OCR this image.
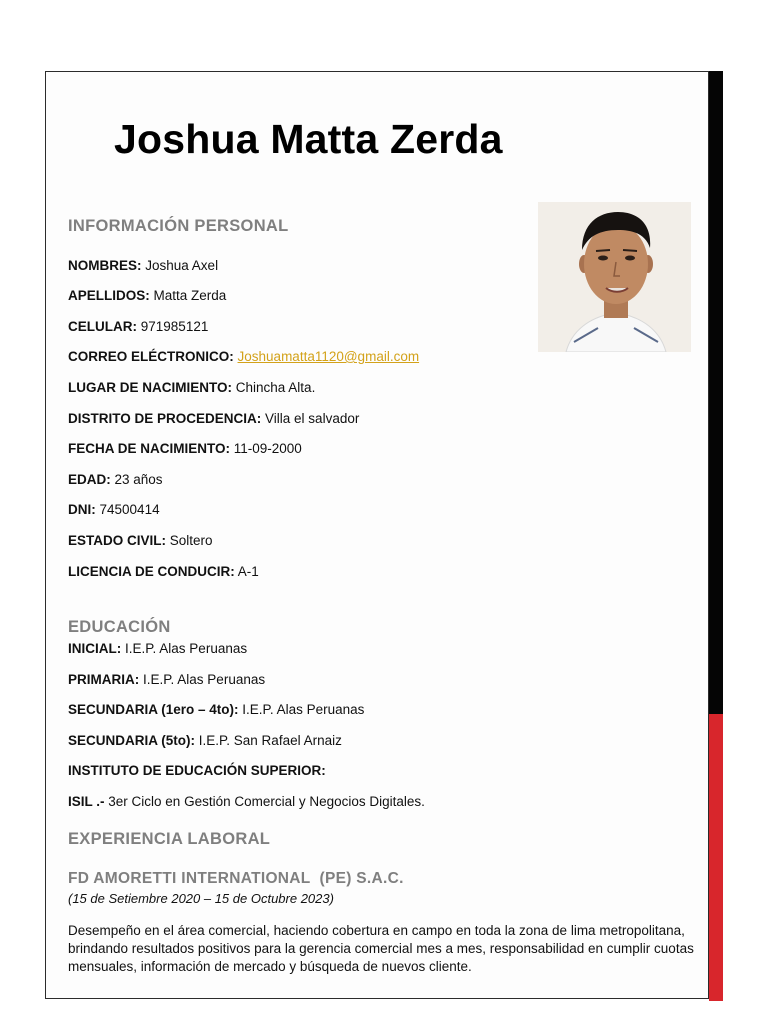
Joshua Matta Zerda
INFORMACIÓN PERSONAL
NOMBRES: Joshua Axel
APELLIDOS: Matta Zerda
CELULAR: 971985121
CORREO ELÉCTRONICO: Joshuamatta1120@gmail.com
LUGAR DE NACIMIENTO: Chincha Alta.
DISTRITO DE PROCEDENCIA: Villa el salvador
FECHA DE NACIMIENTO: 11-09-2000
EDAD: 23 años
DNI: 74500414
ESTADO CIVIL: Soltero
LICENCIA DE CONDUCIR: A-1
EDUCACIÓN
INICIAL: I.E.P. Alas Peruanas
PRIMARIA: I.E.P. Alas Peruanas
SECUNDARIA (1ero – 4to): I.E.P. Alas Peruanas
SECUNDARIA (5to): I.E.P. San Rafael Arnaiz
INSTITUTO DE EDUCACIÓN SUPERIOR:
ISIL .- 3er Ciclo en Gestión Comercial y Negocios Digitales.
EXPERIENCIA LABORAL
FD AMORETTI INTERNATIONAL  (PE) S.A.C.
(15 de Setiembre 2020 – 15 de Octubre 2023)
Desempeño en el área comercial, haciendo cobertura en campo en toda la zona de lima metropolitana, brindando resultados positivos para la gerencia comercial mes a mes, responsabilidad en cumplir cuotas mensuales, información de mercado y búsqueda de nuevos cliente.
